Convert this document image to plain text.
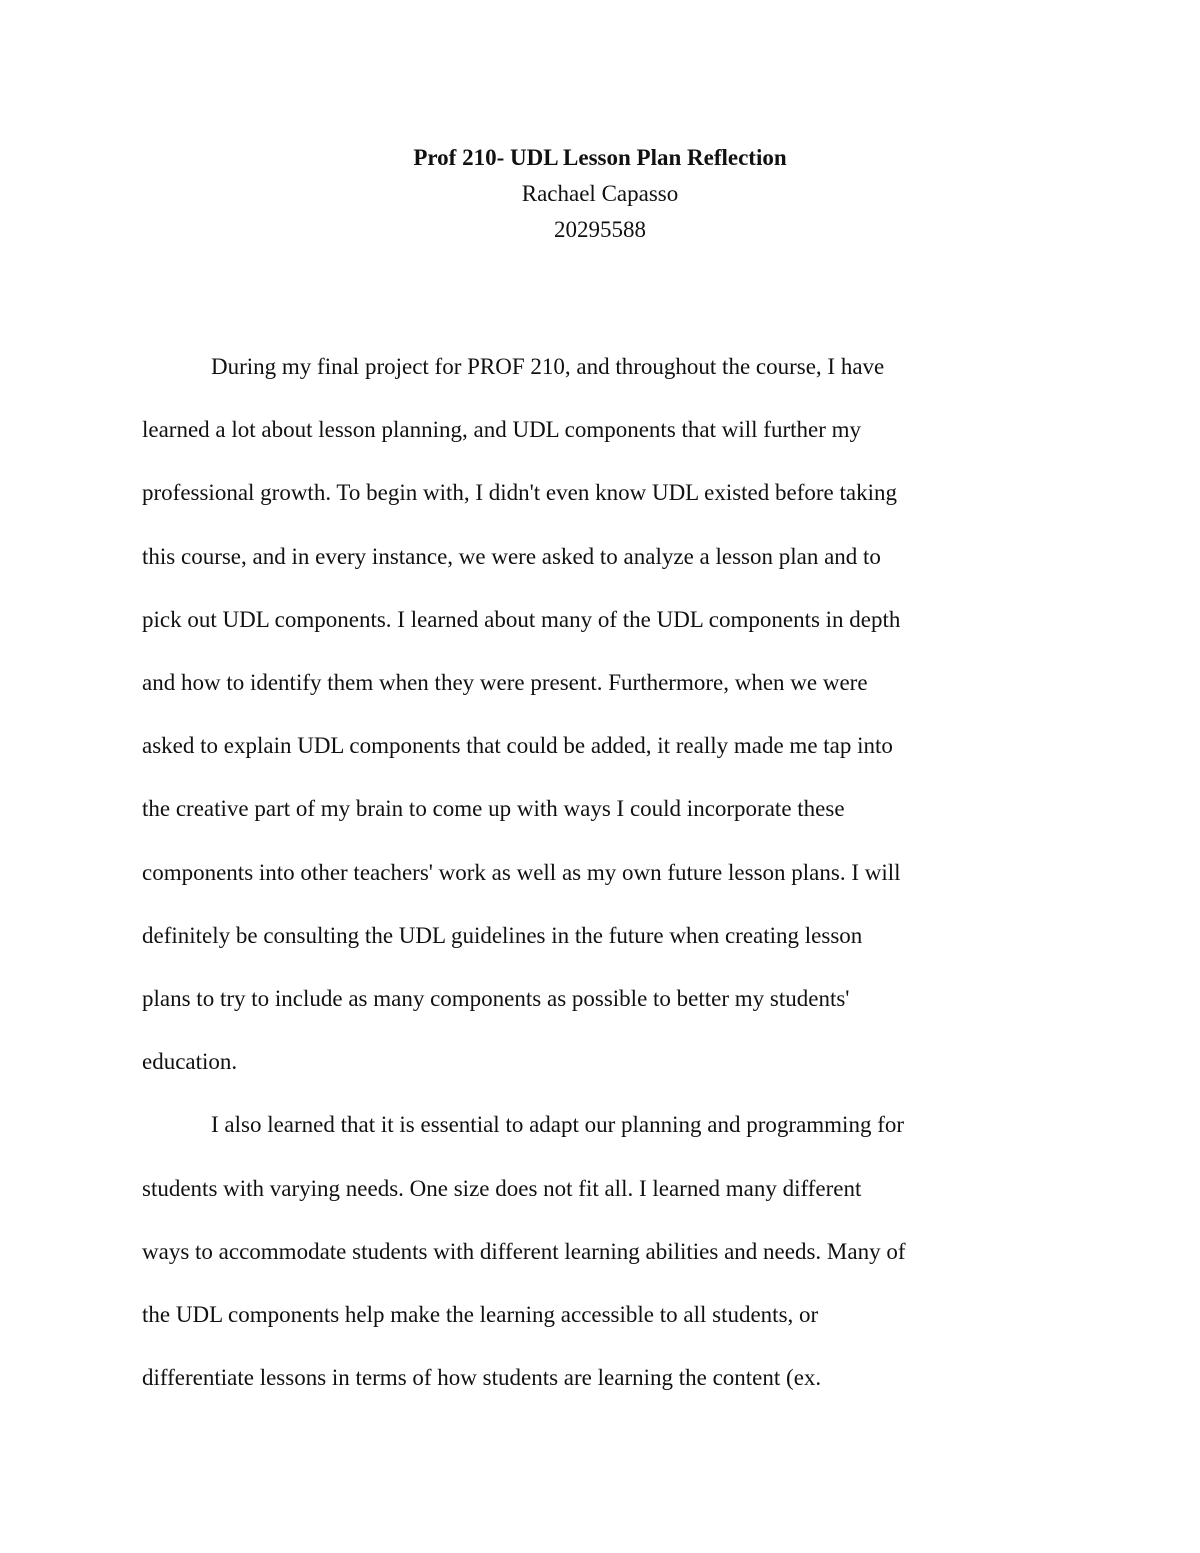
Prof 210- UDL Lesson Plan Reflection
Rachael Capasso
20295588
During my final project for PROF 210, and throughout the course, I have
learned a lot about lesson planning, and UDL components that will further my
professional growth. To begin with, I didn't even know UDL existed before taking
this course, and in every instance, we were asked to analyze a lesson plan and to
pick out UDL components. I learned about many of the UDL components in depth
and how to identify them when they were present. Furthermore, when we were
asked to explain UDL components that could be added, it really made me tap into
the creative part of my brain to come up with ways I could incorporate these
components into other teachers' work as well as my own future lesson plans. I will
definitely be consulting the UDL guidelines in the future when creating lesson
plans to try to include as many components as possible to better my students'
education.
I also learned that it is essential to adapt our planning and programming for
students with varying needs. One size does not fit all. I learned many different
ways to accommodate students with different learning abilities and needs. Many of
the UDL components help make the learning accessible to all students, or
differentiate lessons in terms of how students are learning the content (ex.
